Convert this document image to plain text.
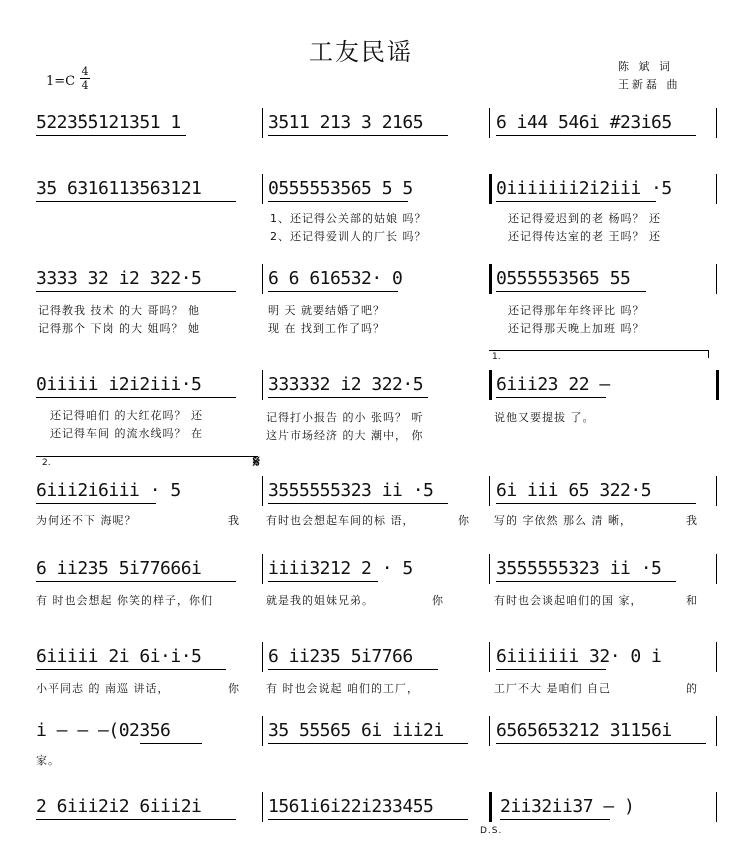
工友民谣
陈 斌 词
王新磊 曲
1=C
4
4
5223̇5̇5121351 1	3511 213 3 2165	6 i44 546i #23i65
35 6316113563121	0555553565 5 5	0iiiiiii2i2iii ·5
1、还记得公关部的姑娘 吗？
2、还记得爱训人的厂长 吗？
还记得爱迟到的老 杨吗？ 还
还记得传达室的老 王吗？ 还
3333 32 i2 322·5	6 6 616532· 0	0555553565 55
记得教我 技术 的大 哥吗？ 他
记得那个 下岗 的大 姐吗？ 她
明 天 就要结婚了吧？
现 在 找到工作了吗？
还记得那年年终评比 吗？
还记得那天晚上加班 吗？
1.
0iiiii i2i2iii·5	333332 i2 322·5	6iii23 22 –
还记得咱们 的大红花吗？ 还
还记得车间 的流水线吗？ 在
记得打小报告 的小 张吗？ 听
这片市场经济 的大 潮中， 你
说他又要提拔 了。
2.	𝄋
6iii2i6iii · 5	3555555323 ii ·5	6i iii 65 322·5
为何还不下 海呢？	我 有时也会想起车间的标 语，	你 写的 字依然 那么 清 晰，	我
6 ii235 5i77666i	iiii3212 2 · 5	3555555323 ii ·5
有 时也会想起 你笑的样子，你们	就是我的姐妹兄弟。	你	有时也会谈起咱们的国 家，	和
6iiiii 2i 6i·i·5	6 ii235 5i7766	6iiiiiii 32· 0 i
小平同志 的 南巡 讲话，	你 有 时也会说起 咱们的工厂，	工厂不大 是咱们 自己	的
i – – –(02356	35 55565 6i iii2i	6565653212 31156i
家。
2 6iii2i2 6iii2i	1561i6i22i233455	2ii32ii37 – )
D.S.
